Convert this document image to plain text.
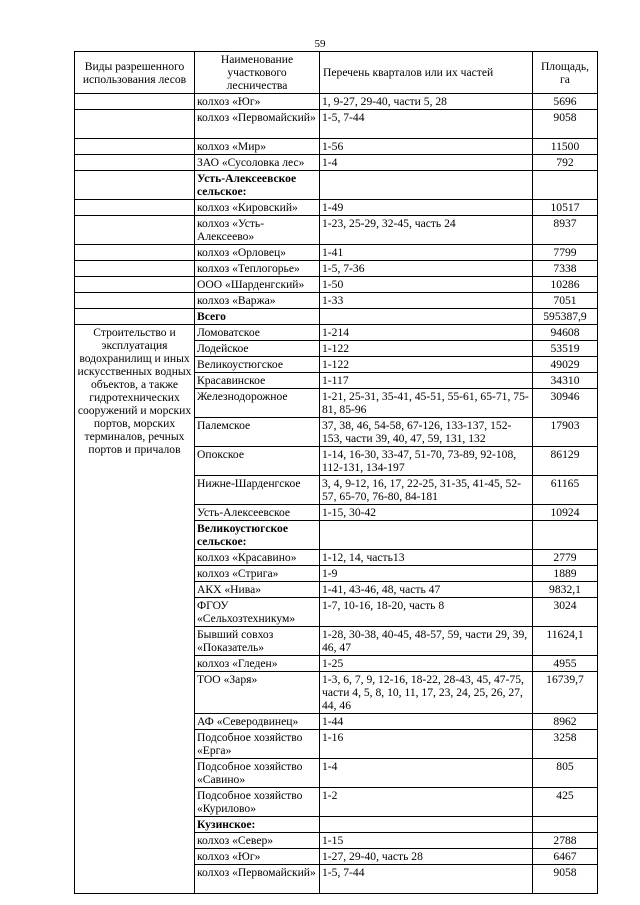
59
Виды разрешенного использования лесов	Наименование участкового лесничества	Перечень кварталов или их частей	Площадь, га
	колхоз «Юг»	1, 9-27, 29-40, части 5, 28	5696
	колхоз «Первомайский»	1-5, 7-44	9058
	колхоз «Мир»	1-56	11500
	ЗАО «Сусоловка лес»	1-4	792
	Усть-Алексеевское сельское:		
	колхоз «Кировский»	1-49	10517
	колхоз «Усть-Алексеево»	1-23, 25-29, 32-45, часть 24	8937
	колхоз «Орловец»	1-41	7799
	колхоз «Теплогорье»	1-5, 7-36	7338
	ООО «Шарденгский»	1-50	10286
	колхоз «Варжа»	1-33	7051
	Всего		595387,9
Строительство и эксплуатация водохранилищ и иных искусственных водных объектов, а также гидротехнических сооружений и морских портов, морских терминалов, речных портов и причалов	Ломоватское	1-214	94608
	Лодейское	1-122	53519
	Великоустюгское	1-122	49029
	Красавинское	1-117	34310
	Железнодорожное	1-21, 25-31, 35-41, 45-51, 55-61, 65-71, 75-81, 85-96	30946
	Палемское	37, 38, 46, 54-58, 67-126, 133-137, 152-153, части 39, 40, 47, 59, 131, 132	17903
	Опокское	1-14, 16-30, 33-47, 51-70, 73-89, 92-108, 112-131, 134-197	86129
	Нижне-Шарденгское	3, 4, 9-12, 16, 17, 22-25, 31-35, 41-45, 52-57, 65-70, 76-80, 84-181	61165
	Усть-Алексеевское	1-15, 30-42	10924
	Великоустюгское сельское:		
	колхоз «Красавино»	1-12, 14, часть13	2779
	колхоз «Стрига»	1-9	1889
	АКХ «Нива»	1-41, 43-46, 48, часть 47	9832,1
	ФГОУ «Сельхозтехникум»	1-7, 10-16, 18-20, часть 8	3024
	Бывший совхоз «Показатель»	1-28, 30-38, 40-45, 48-57, 59, части 29, 39, 46, 47	11624,1
	колхоз «Гледен»	1-25	4955
	ТОО «Заря»	1-3, 6, 7, 9, 12-16, 18-22, 28-43, 45, 47-75, части 4, 5, 8, 10, 11, 17, 23, 24, 25, 26, 27, 44, 46	16739,7
	АФ «Северодвинец»	1-44	8962
	Подсобное хозяйство «Ерга»	1-16	3258
	Подсобное хозяйство «Савино»	1-4	805
	Подсобное хозяйство «Курилово»	1-2	425
	Кузинское:		
	колхоз «Север»	1-15	2788
	колхоз «Юг»	1-27, 29-40, часть 28	6467
	колхоз «Первомайский»	1-5, 7-44	9058
